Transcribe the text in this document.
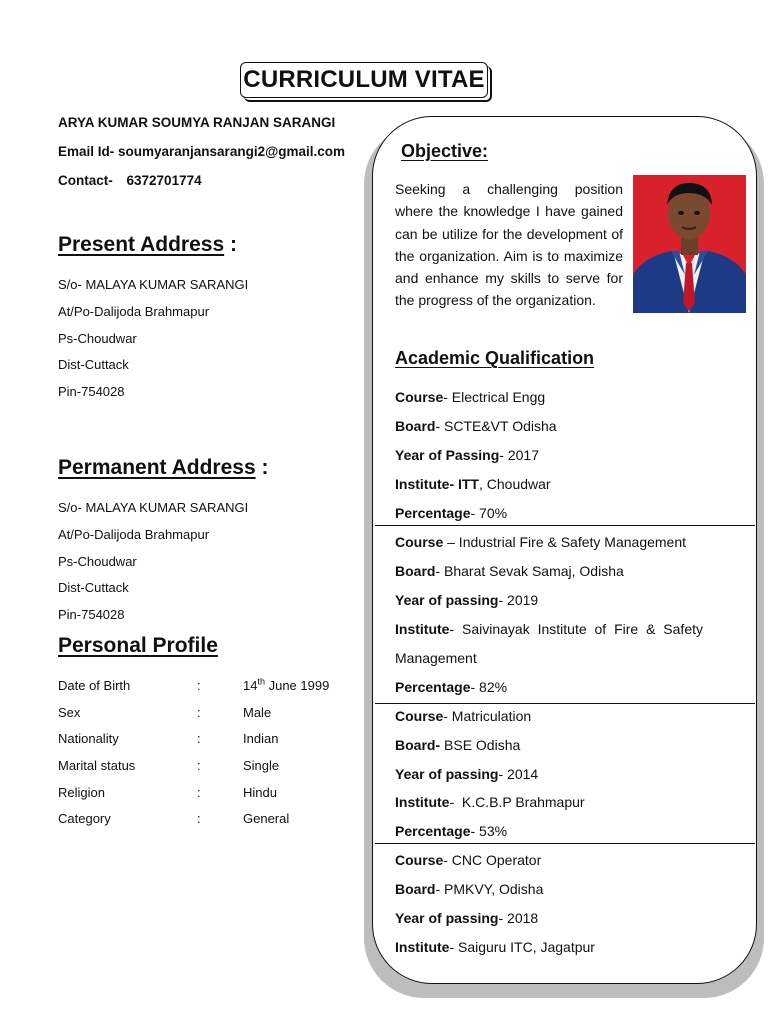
CURRICULUM VITAE
ARYA KUMAR SOUMYA RANJAN SARANGI
Email Id- soumyaranjansarangi2@gmail.com
Contact- 6372701774
Present Address :
S/o- MALAYA KUMAR SARANGI
At/Po-Dalijoda Brahmapur
Ps-Choudwar
Dist-Cuttack
Pin-754028
Permanent Address :
S/o- MALAYA KUMAR SARANGI
At/Po-Dalijoda Brahmapur
Ps-Choudwar
Dist-Cuttack
Pin-754028
Personal Profile
Date of Birth	:	14th June 1999
Sex	:	Male
Nationality	:	Indian
Marital status	:	Single
Religion	:	Hindu
Category	:	General
Objective:
Seeking a challenging position where the knowledge I have gained can be utilize for the development of the organization. Aim is to maximize and enhance my skills to serve for the progress of the organization.
Academic Qualification
Course- Electrical Engg
Board- SCTE&VT Odisha
Year of Passing- 2017
Institute- ITT, Choudwar
Percentage- 70%
Course – Industrial Fire & Safety Management
Board- Bharat Sevak Samaj, Odisha
Year of passing- 2019
Institute- Saivinayak Institute of Fire & Safety
Management
Percentage- 82%
Course- Matriculation
Board- BSE Odisha
Year of passing- 2014
Institute-  K.C.B.P Brahmapur
Percentage- 53%
Course- CNC Operator
Board- PMKVY, Odisha
Year of passing- 2018
Institute- Saiguru ITC, Jagatpur
